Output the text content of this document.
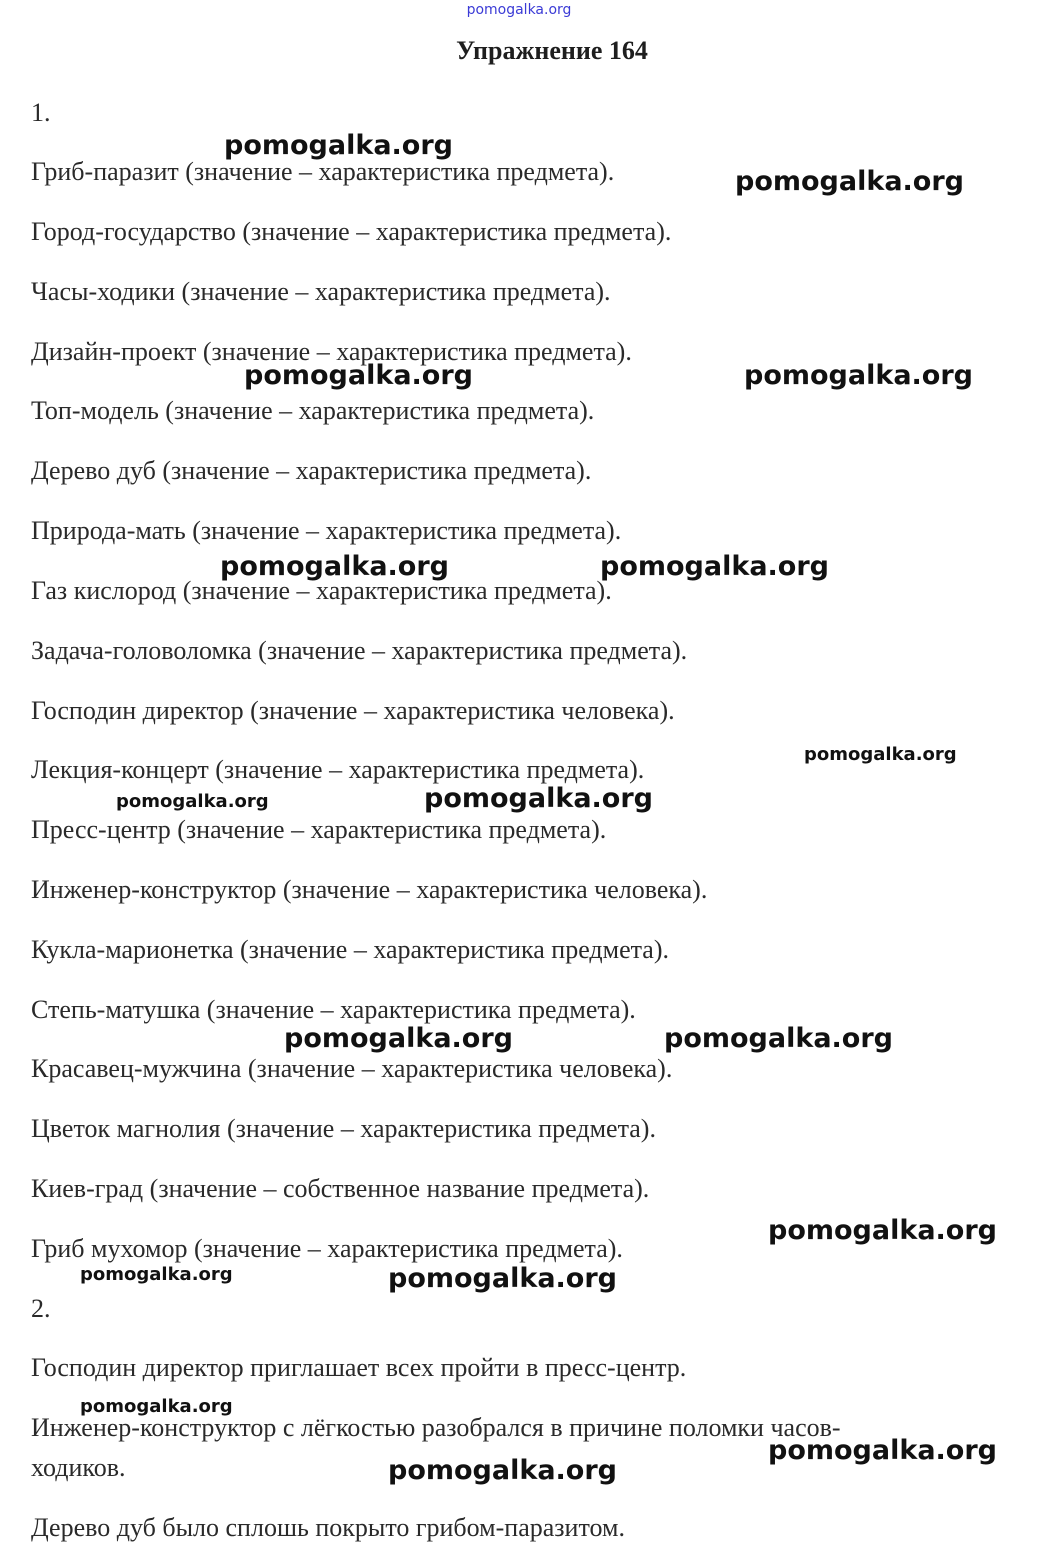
pomogalka.org
Упражнение 164
1.
Гриб-паразит (значение – характеристика предмета).
Город-государство (значение – характеристика предмета).
Часы-ходики (значение – характеристика предмета).
Дизайн-проект (значение – характеристика предмета).
Топ-модель (значение – характеристика предмета).
Дерево дуб (значение – характеристика предмета).
Природа-мать (значение – характеристика предмета).
Газ кислород (значение – характеристика предмета).
Задача-головоломка (значение – характеристика предмета).
Господин директор (значение – характеристика человека).
Лекция-концерт (значение – характеристика предмета).
Пресс-центр (значение – характеристика предмета).
Инженер-конструктор (значение – характеристика человека).
Кукла-марионетка (значение – характеристика предмета).
Степь-матушка (значение – характеристика предмета).
Красавец-мужчина (значение – характеристика человека).
Цветок магнолия (значение – характеристика предмета).
Киев-град (значение – собственное название предмета).
Гриб мухомор (значение – характеристика предмета).
2.
Господин директор приглашает всех пройти в пресс-центр.
Инженер-конструктор с лёгкостью разобрался в причине поломки часов-
ходиков.
Дерево дуб было сплошь покрыто грибом-паразитом.
pomogalka.org
pomogalka.org
pomogalka.org	pomogalka.org
pomogalka.org	pomogalka.org
pomogalka.org
pomogalka.org	pomogalka.org
pomogalka.org	pomogalka.org
pomogalka.org
pomogalka.org	pomogalka.org
pomogalka.org
pomogalka.org
pomogalka.org
